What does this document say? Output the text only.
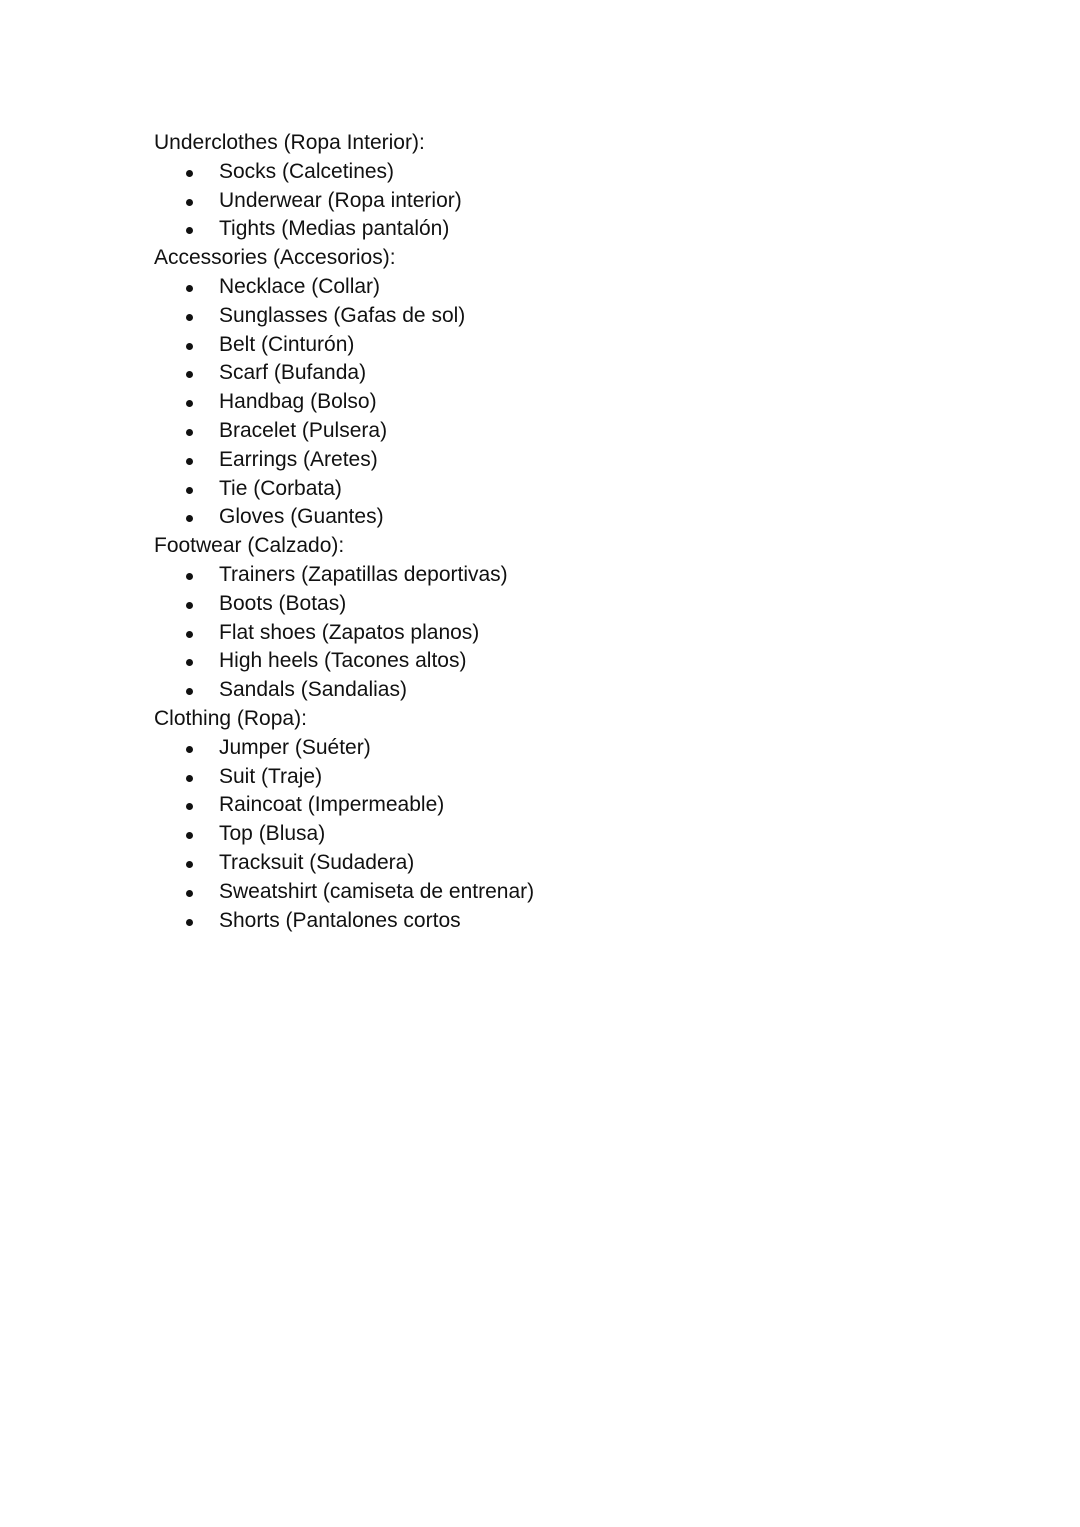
Underclothes (Ropa Interior):
Socks (Calcetines)
Underwear (Ropa interior)
Tights (Medias pantalón)
Accessories (Accesorios):
Necklace (Collar)
Sunglasses (Gafas de sol)
Belt (Cinturón)
Scarf (Bufanda)
Handbag (Bolso)
Bracelet (Pulsera)
Earrings (Aretes)
Tie (Corbata)
Gloves (Guantes)
Footwear (Calzado):
Trainers (Zapatillas deportivas)
Boots (Botas)
Flat shoes (Zapatos planos)
High heels (Tacones altos)
Sandals (Sandalias)
Clothing (Ropa):
Jumper (Suéter)
Suit (Traje)
Raincoat (Impermeable)
Top (Blusa)
Tracksuit (Sudadera)
Sweatshirt (camiseta de entrenar)
Shorts (Pantalones cortos
